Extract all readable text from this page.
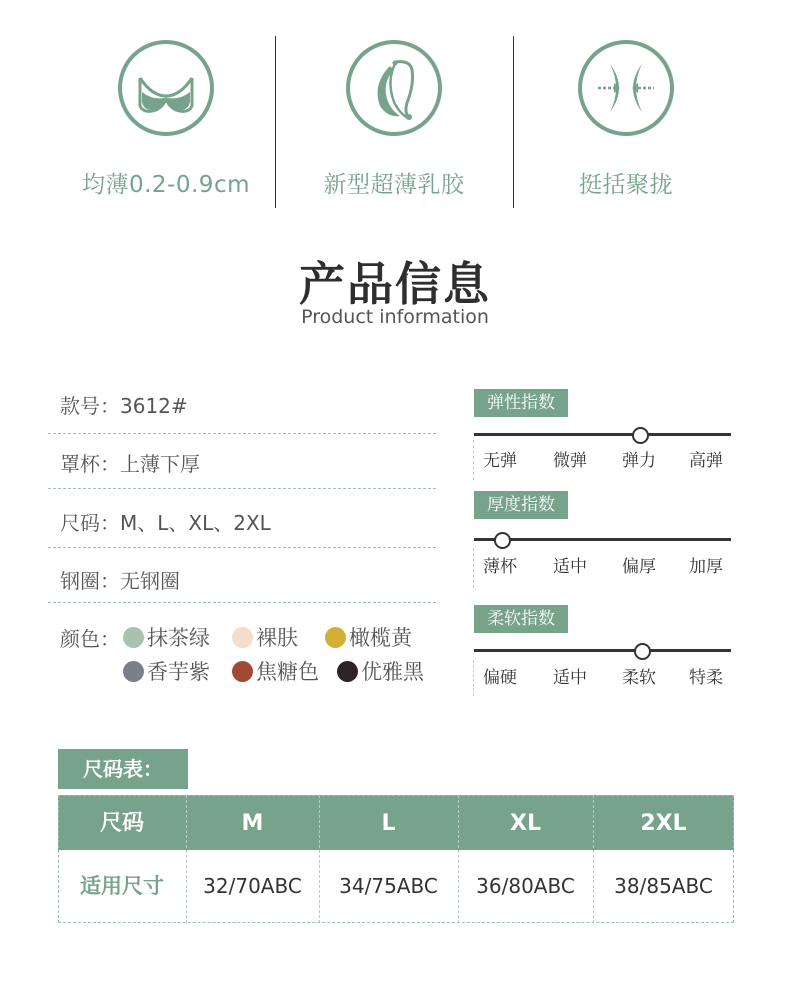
均薄0.2-0.9cm	新型超薄乳胶	挺括聚拢
产品信息
Product information
款号：3612#
罩杯：上薄下厚
尺码：M、L、XL、2XL
钢圈：无钢圈
颜色：	抹茶绿	裸肤	橄榄黄
香芋紫	焦糖色	优雅黑
弹性指数
无弹	微弹	弹力	高弹
厚度指数
薄杯	适中	偏厚	加厚
柔软指数
偏硬	适中	柔软	特柔
尺码表：
尺码	M	L	XL	2XL
适用尺寸	32/70ABC	34/75ABC	36/80ABC	38/85ABC
